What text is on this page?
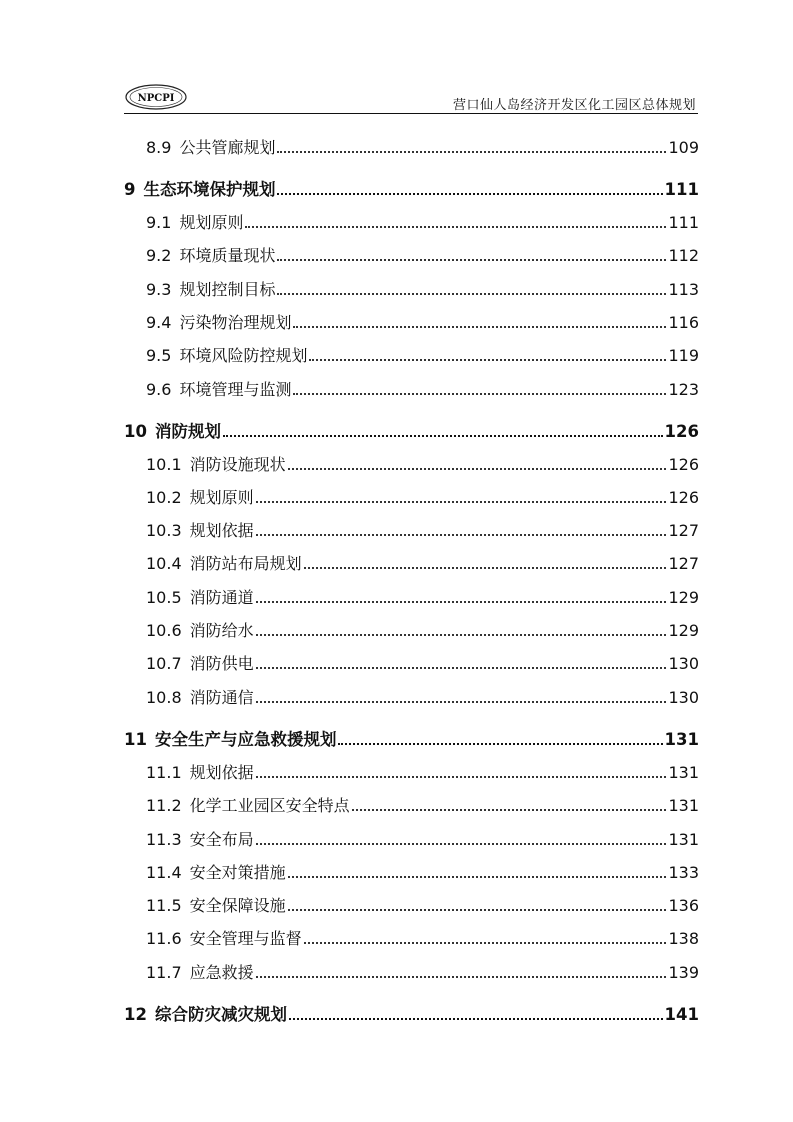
NPCPI	营口仙人岛经济开发区化工园区总体规划
8.9 公共管廊规划	109
9 生态环境保护规划	111
9.1 规划原则	111
9.2 环境质量现状	112
9.3 规划控制目标	113
9.4 污染物治理规划	116
9.5 环境风险防控规划	119
9.6 环境管理与监测	123
10 消防规划	126
10.1 消防设施现状	126
10.2 规划原则	126
10.3 规划依据	127
10.4 消防站布局规划	127
10.5 消防通道	129
10.6 消防给水	129
10.7 消防供电	130
10.8 消防通信	130
11 安全生产与应急救援规划	131
11.1 规划依据	131
11.2 化学工业园区安全特点	131
11.3 安全布局	131
11.4 安全对策措施	133
11.5 安全保障设施	136
11.6 安全管理与监督	138
11.7 应急救援	139
12 综合防灾减灾规划	141
